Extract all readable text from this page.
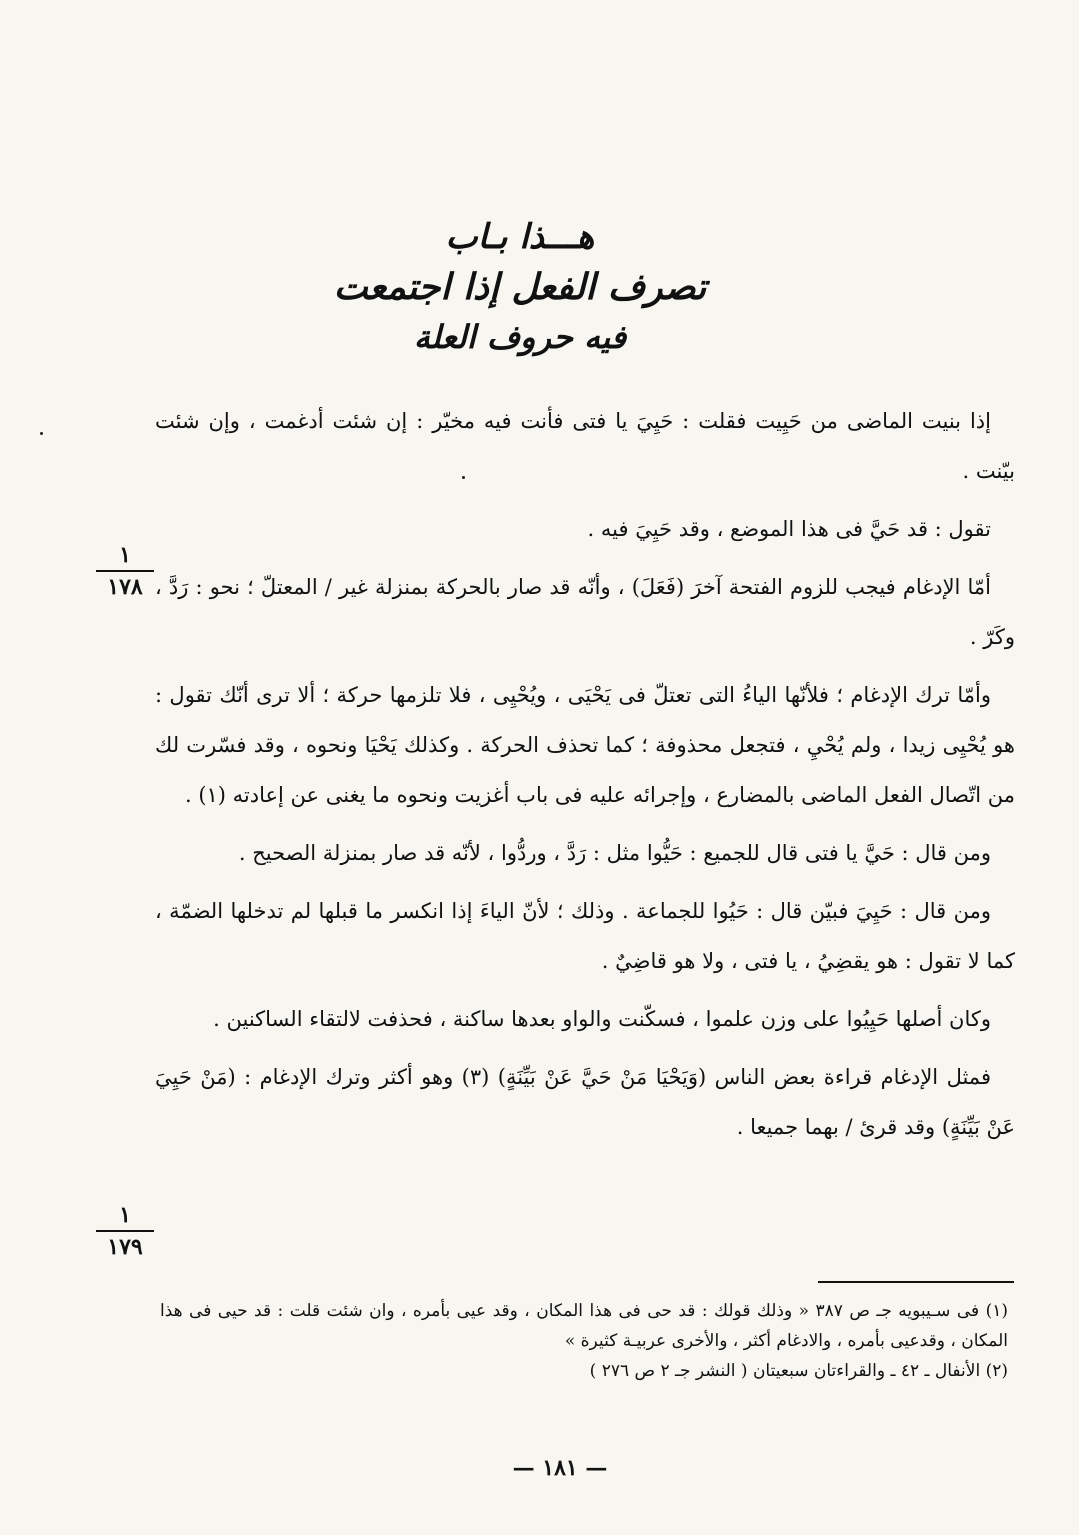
هـــذا بـاب
تصرف الفعل إذا اجتمعت
فيه حروف العلة

إذا بنيت الماضى من حَيِيت فقلت : حَيِيَ يا فتى فأنت فيه مخيّر : إن شئت أدغمت ، وإن شئت بيّنت .

تقول : قد حَيَّ فى هذا الموضع ، وقد حَيِيَ فيه .

أمّا الإدغام فيجب للزوم الفتحة آخرَ (فَعَلَ) ، وأنّه قد صار بالحركة بمنزلة غير / المعتلّ ؛ نحو : رَدَّ ، وكَرّ .

وأمّا ترك الإدغام ؛ فلأنّها الياءُ التى تعتلّ فى يَحْيَى ، ويُحْيِى ، فلا تلزمها حركة ؛ ألا ترى أنّك تقول : هو يُحْيِى زيدا ، ولم يُحْيِ ، فتجعل محذوفة ؛ كما تحذف الحركة . وكذلك يَحْيَا ونحوه ، وقد فسّرت لك من اتّصال الفعل الماضى بالمضارع ، وإجرائه عليه فى باب أغزيت ونحوه ما يغنى عن إعادته (١) .

ومن قال : حَيَّ يا فتى قال للجميع : حَيُّوا مثل : رَدَّ ، وردُّوا ، لأنّه قد صار بمنزلة الصحيح .

ومن قال : حَيِيَ فبيّن قال : حَيُوا للجماعة . وذلك ؛ لأنّ الياءَ إذا انكسر ما قبلها لم تدخلها الضمّة ، كما لا تقول : هو يقضِيُ ، يا فتى ، ولا هو قاضِيٌ .

وكان أصلها حَيِيُوا على وزن علموا ، فسكّنت والواو بعدها ساكنة ، فحذفت لالتقاء الساكنين .

فمثل الإدغام قراءة بعض الناس (وَيَحْيَا مَنْ حَيَّ عَنْ بَيِّنَةٍ) (٣) وهو أكثر وترك الإدغام : (مَنْ حَيِيَ عَنْ بَيِّنَةٍ) وقد قرئ / بهما جميعا .

١
١٧٨
١
١٧٩

(١) فى سـيبويه جـ ص ٣٨٧ « وذلك قولك : قد حى فى هذا المكان ، وقد عيى بأمره ، وان شئت قلت : قد حيى فى هذا المكان ، وقدعيى بأمره ، والادغام أكثر ، والأخرى عربيـة كثيرة »

(٢) الأنفال ـ ٤٢ ـ والقراءتان سبعيتان ( النشر جـ ٢ ص ٢٧٦ )

— ١٨١ —
